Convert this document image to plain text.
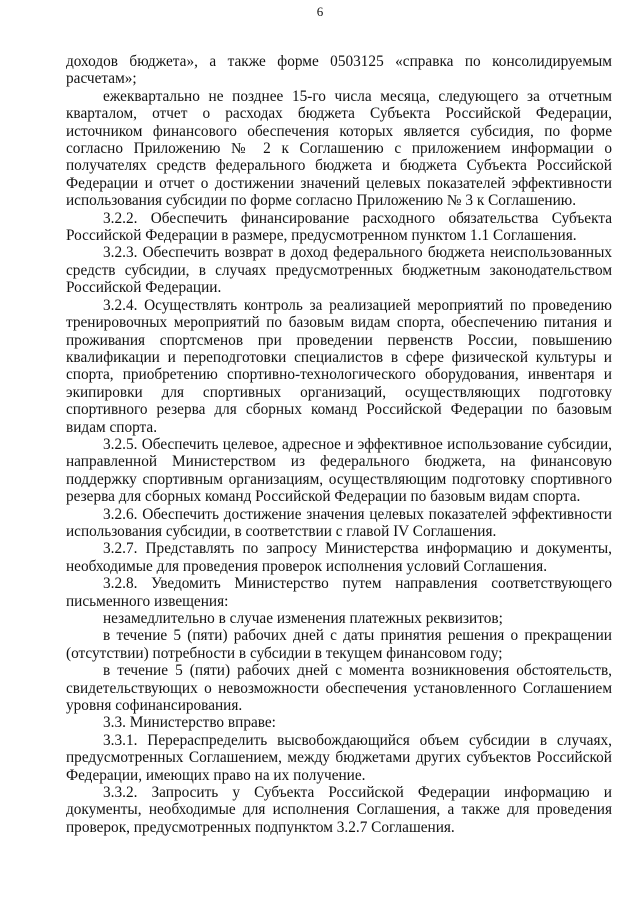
6

доходов бюджета», а также форме 0503125 «справка по консолидируемым расчетам»;

ежеквартально не позднее 15-го числа месяца, следующего за отчетным кварталом, отчет о расходах бюджета Субъекта Российской Федерации, источником финансового обеспечения которых является субсидия, по форме согласно Приложению № 2 к Соглашению с приложением информации о получателях средств федерального бюджета и бюджета Субъекта Российской Федерации и отчет о достижении значений целевых показателей эффективности использования субсидии по форме согласно Приложению № 3 к Соглашению.

3.2.2. Обеспечить финансирование расходного обязательства Субъекта Российской Федерации в размере, предусмотренном пунктом 1.1 Соглашения.

3.2.3. Обеспечить возврат в доход федерального бюджета неиспользованных средств субсидии, в случаях предусмотренных бюджетным законодательством Российской Федерации.

3.2.4. Осуществлять контроль за реализацией мероприятий по проведению тренировочных мероприятий по базовым видам спорта, обеспечению питания и проживания спортсменов при проведении первенств России, повышению квалификации и переподготовки специалистов в сфере физической культуры и спорта, приобретению спортивно-технологического оборудования, инвентаря и экипировки для спортивных организаций, осуществляющих подготовку спортивного резерва для сборных команд Российской Федерации по базовым видам спорта.

3.2.5. Обеспечить целевое, адресное и эффективное использование субсидии, направленной Министерством из федерального бюджета, на финансовую поддержку спортивным организациям, осуществляющим подготовку спортивного резерва для сборных команд Российской Федерации по базовым видам спорта.

3.2.6. Обеспечить достижение значения целевых показателей эффективности использования субсидии, в соответствии с главой IV Соглашения.

3.2.7. Представлять по запросу Министерства информацию и документы, необходимые для проведения проверок исполнения условий Соглашения.

3.2.8. Уведомить Министерство путем направления соответствующего письменного извещения:

незамедлительно в случае изменения платежных реквизитов;

в течение 5 (пяти) рабочих дней с даты принятия решения о прекращении (отсутствии) потребности в субсидии в текущем финансовом году;

в течение 5 (пяти) рабочих дней с момента возникновения обстоятельств, свидетельствующих о невозможности обеспечения установленного Соглашением уровня софинансирования.

3.3. Министерство вправе:

3.3.1. Перераспределить высвобождающийся объем субсидии в случаях, предусмотренных Соглашением, между бюджетами других субъектов Российской Федерации, имеющих право на их получение.

3.3.2. Запросить у Субъекта Российской Федерации информацию и документы, необходимые для исполнения Соглашения, а также для проведения проверок, предусмотренных подпунктом 3.2.7 Соглашения.
